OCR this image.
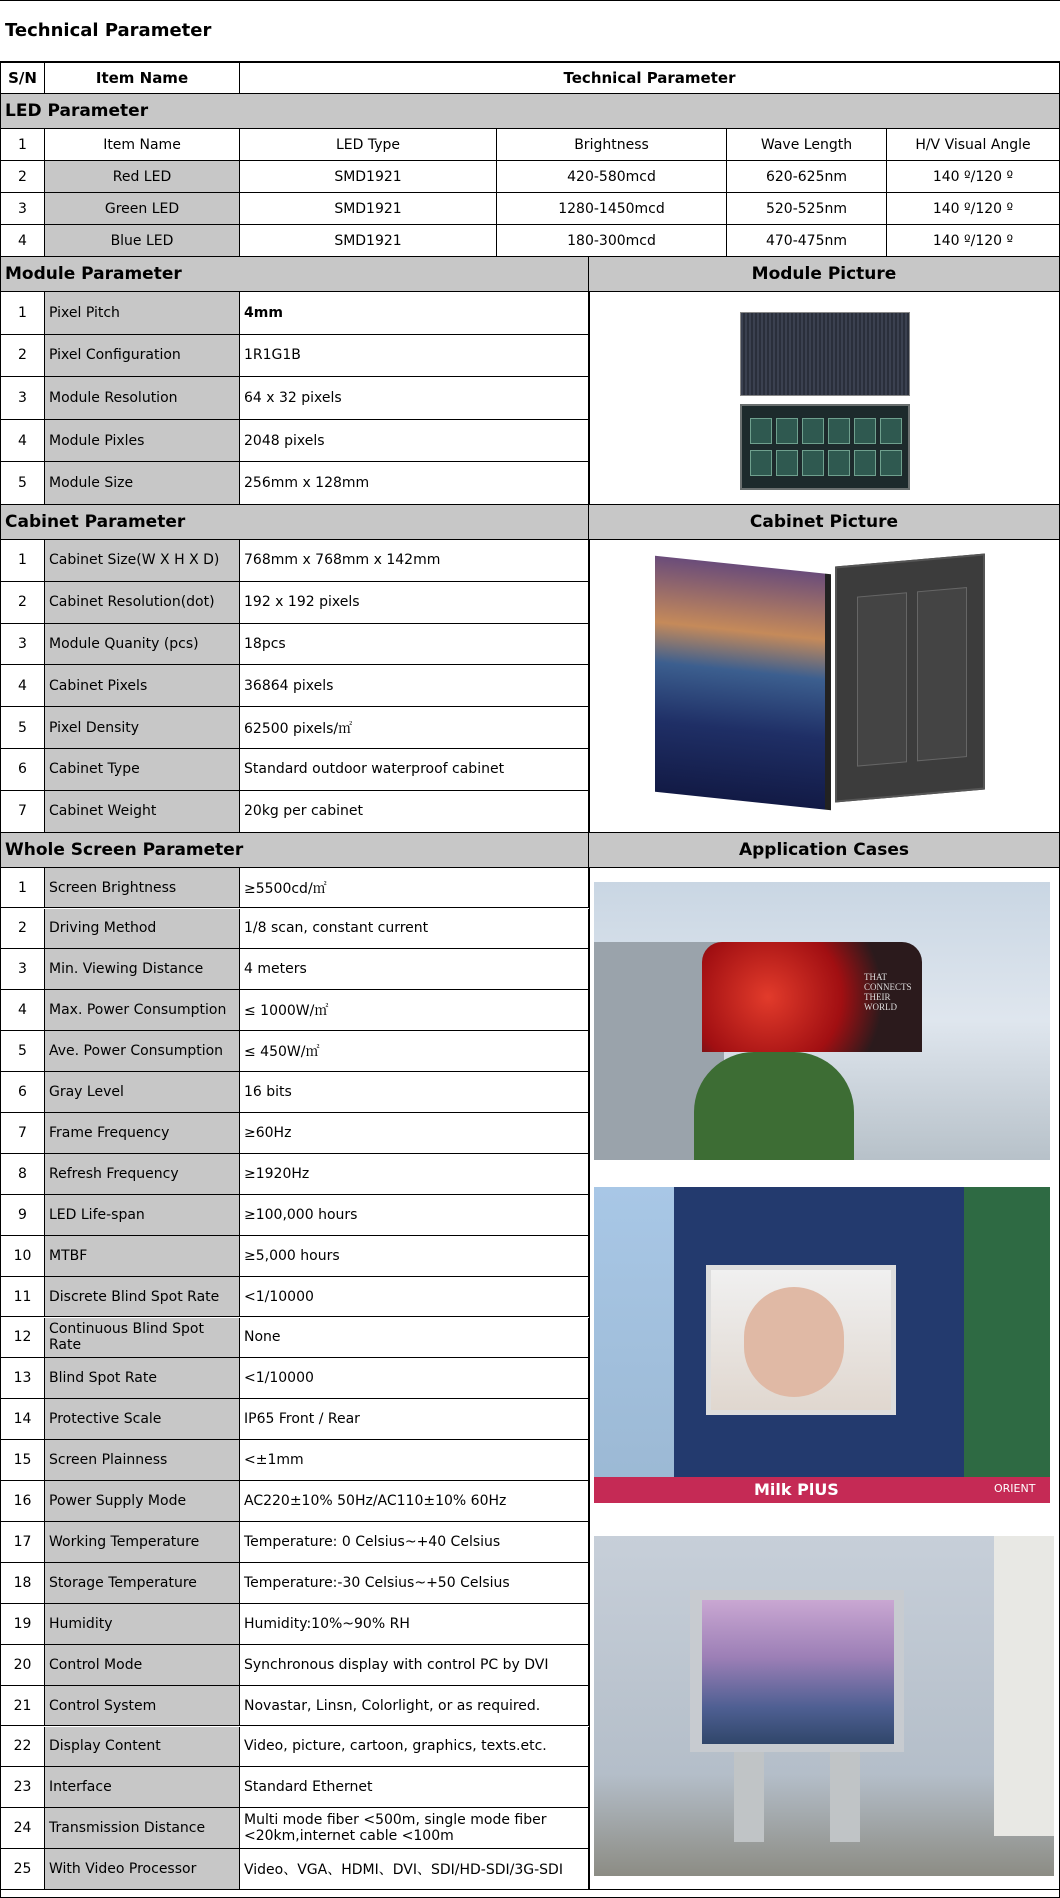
Technical Parameter
S/N	Item Name	Technical Parameter
LED Parameter
1	Item Name	LED Type	Brightness	Wave Length	H/V Visual Angle
2	Red LED	SMD1921	420-580mcd	620-625nm	140 º/120 º
3	Green LED	SMD1921	1280-1450mcd	520-525nm	140 º/120 º
4	Blue LED	SMD1921	180-300mcd	470-475nm	140 º/120 º
Module Parameter	Module Picture
1	Pixel Pitch	4mm
2	Pixel Configuration	1R1G1B
3	Module Resolution	64 x 32 pixels
4	Module Pixles	2048 pixels
5	Module Size	256mm x 128mm
Cabinet Parameter	Cabinet Picture
1	Cabinet Size(W X H X D)	768mm x 768mm x 142mm
2	Cabinet Resolution(dot)	192 x 192 pixels
3	Module Quanity (pcs)	18pcs
4	Cabinet Pixels	36864 pixels
5	Pixel Density	62500 pixels/㎡
6	Cabinet Type	Standard outdoor waterproof cabinet
7	Cabinet Weight	20kg per cabinet
Whole Screen Parameter	Application Cases
1	Screen Brightness	≥5500cd/㎡
2	Driving Method	1/8 scan, constant current
3	Min. Viewing Distance	4 meters
4	Max. Power Consumption	≤ 1000W/㎡
5	Ave. Power Consumption	≤ 450W/㎡
6	Gray Level	16 bits
7	Frame Frequency	≥60Hz
8	Refresh Frequency	≥1920Hz
9	LED Life-span	≥100,000 hours
10	MTBF	≥5,000 hours
11	Discrete Blind Spot Rate	<1/10000
12	Continuous Blind Spot Rate	None
13	Blind Spot Rate	<1/10000
14	Protective Scale	IP65 Front / Rear
15	Screen Plainness	<±1mm
16	Power Supply Mode	AC220±10% 50Hz/AC110±10% 60Hz
17	Working Temperature	Temperature: 0 Celsius~+40 Celsius
18	Storage Temperature	Temperature:-30 Celsius~+50 Celsius
19	Humidity	Humidity:10%~90% RH
20	Control Mode	Synchronous display with control PC by DVI
21	Control System	Novastar, Linsn, Colorlight, or as required.
22	Display Content	Video, picture, cartoon, graphics, texts.etc.
23	Interface	Standard Ethernet
24	Transmission Distance	Multi mode fiber <500m, single mode fiber <20km,internet cable <100m
25	With Video Processor	Video、VGA、HDMI、DVI、SDI/HD-SDI/3G-SDI
THAT CONNECTS THEIR WORLD
Milk PlUS	ORIENT
